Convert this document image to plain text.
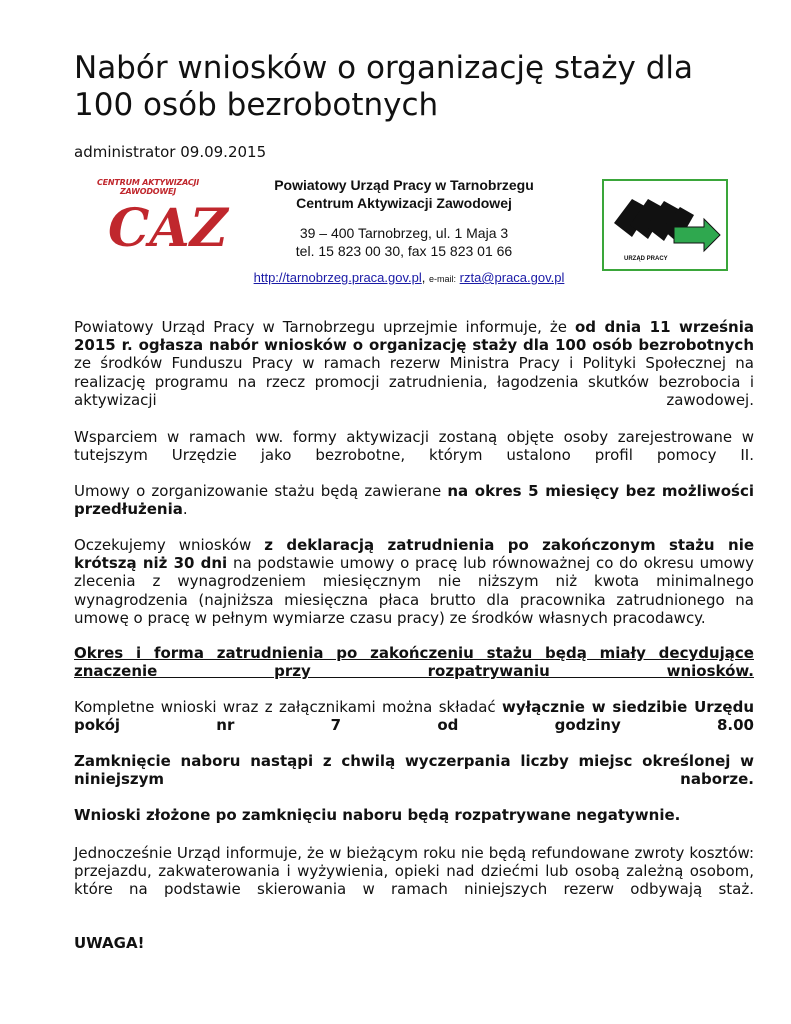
Nabór wniosków o organizację staży dla 100 osób bezrobotnych
administrator 09.09.2015
CENTRUM AKTYWIZACJI ZAWODOWEJ
CAZ
Powiatowy Urząd Pracy w Tarnobrzegu
Centrum Aktywizacji Zawodowej
39 – 400 Tarnobrzeg, ul. 1 Maja 3
tel. 15 823 00 30, fax 15 823 01 66
http://tarnobrzeg.praca.gov.pl, e-mail: rzta@praca.gov.pl
URZĄD PRACY

Powiatowy Urząd Pracy w Tarnobrzegu uprzejmie informuje, że od dnia 11 września 2015 r. ogłasza nabór wniosków o organizację staży dla 100 osób bezrobotnych ze środków Funduszu Pracy w ramach rezerw Ministra Pracy i Polityki Społecznej na realizację programu na rzecz promocji zatrudnienia, łagodzenia skutków bezrobocia i aktywizacji zawodowej.

Wsparciem w ramach ww. formy aktywizacji zostaną objęte osoby zarejestrowane w tutejszym Urzędzie jako bezrobotne, którym ustalono profil pomocy II.

Umowy o zorganizowanie stażu będą zawierane na okres 5 miesięcy bez możliwości przedłużenia.

Oczekujemy wniosków z deklaracją zatrudnienia po zakończonym stażu nie krótszą niż 30 dni na podstawie umowy o pracę lub równoważnej co do okresu umowy zlecenia z wynagrodzeniem miesięcznym nie niższym niż kwota minimalnego wynagrodzenia (najniższa miesięczna płaca brutto dla pracownika zatrudnionego na umowę o pracę w pełnym wymiarze czasu pracy) ze środków własnych pracodawcy.

Okres i forma zatrudnienia po zakończeniu stażu będą miały decydujące znaczenie przy rozpatrywaniu wniosków.

Kompletne wnioski wraz z załącznikami można składać wyłącznie w siedzibie Urzędu pokój nr 7 od godziny 8.00

Zamknięcie naboru nastąpi z chwilą wyczerpania liczby miejsc określonej w niniejszym naborze.

Wnioski złożone po zamknięciu naboru będą rozpatrywane negatywnie.

Jednocześnie Urząd informuje, że w bieżącym roku nie będą refundowane zwroty kosztów: przejazdu, zakwaterowania i wyżywienia, opieki nad dziećmi lub osobą zależną osobom, które na podstawie skierowania w ramach niniejszych rezerw odbywają staż.

UWAGA!
